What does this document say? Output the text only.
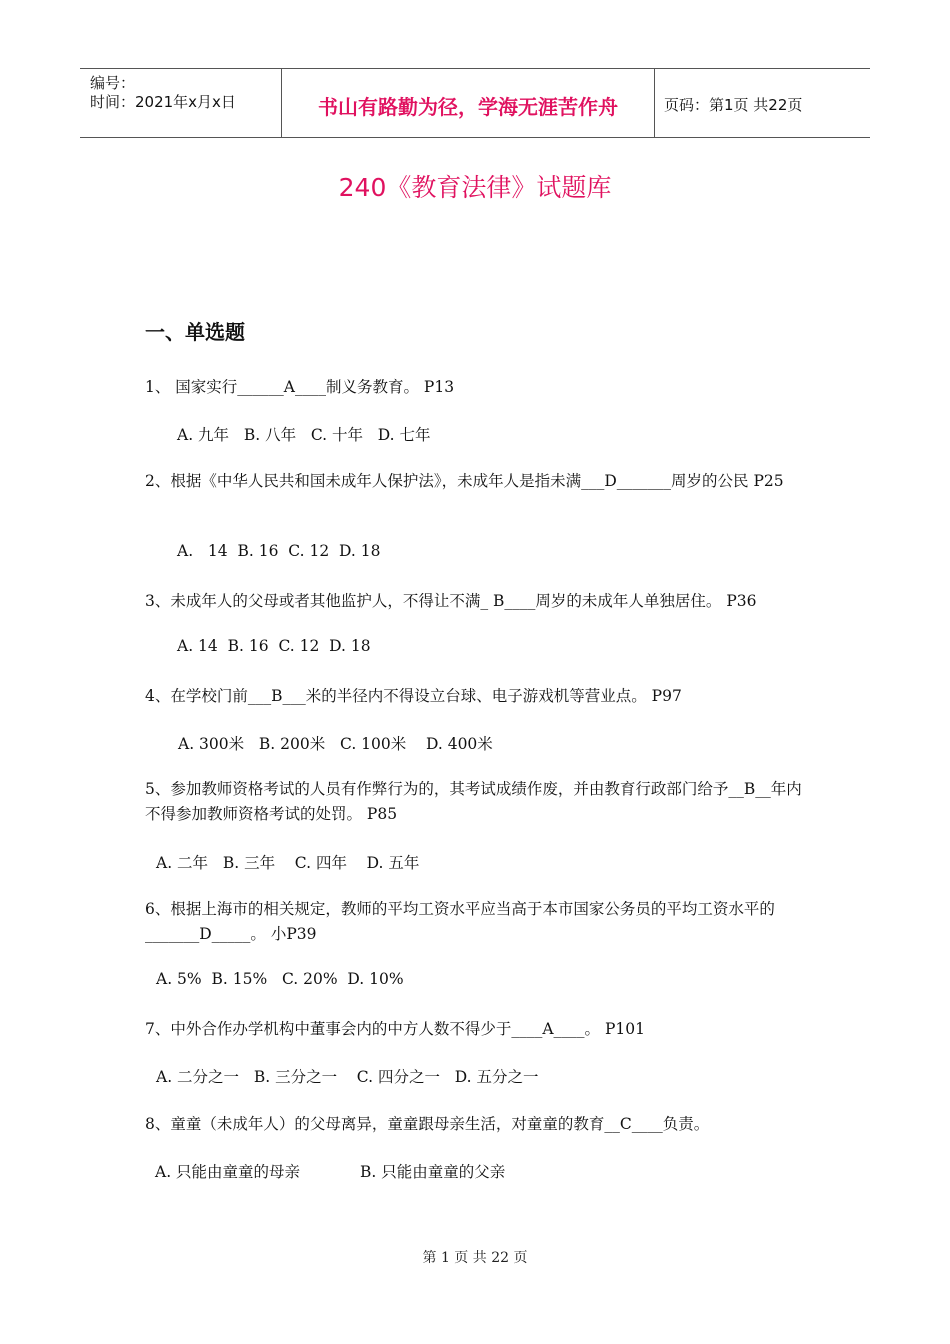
编号：
时间：2021年x月x日	书山有路勤为径，学海无涯苦作舟	页码：第1页 共22页
240《教育法律》试题库
一、单选题
1、 国家实行______A____制义务教育。 P13
A. 九年   B. 八年   C. 十年   D. 七年
2、根据《中华人民共和国未成年人保护法》，未成年人是指未满___D_______周岁的公民 P25
A.   14  B. 16  C. 12  D. 18
3、未成年人的父母或者其他监护人，不得让不满_ B____周岁的未成年人单独居住。 P36
A. 14  B. 16  C. 12  D. 18
4、在学校门前___B___米的半径内不得设立台球、电子游戏机等营业点。 P97
A. 300米   B. 200米   C. 100米    D. 400米
5、参加教师资格考试的人员有作弊行为的，其考试成绩作废，并由教育行政部门给予__B__年内不得参加教师资格考试的处罚。 P85
A. 二年   B. 三年    C. 四年    D. 五年
6、根据上海市的相关规定，教师的平均工资水平应当高于本市国家公务员的平均工资水平的_______D_____。 小P39
A. 5%  B. 15%   C. 20%  D. 10%
7、中外合作办学机构中董事会内的中方人数不得少于____A____。 P101
A. 二分之一   B. 三分之一    C. 四分之一   D. 五分之一
8、童童（未成年人）的父母离异，童童跟母亲生活，对童童的教育__C____负责。
A. 只能由童童的母亲	B. 只能由童童的父亲
第 1 页 共 22 页
